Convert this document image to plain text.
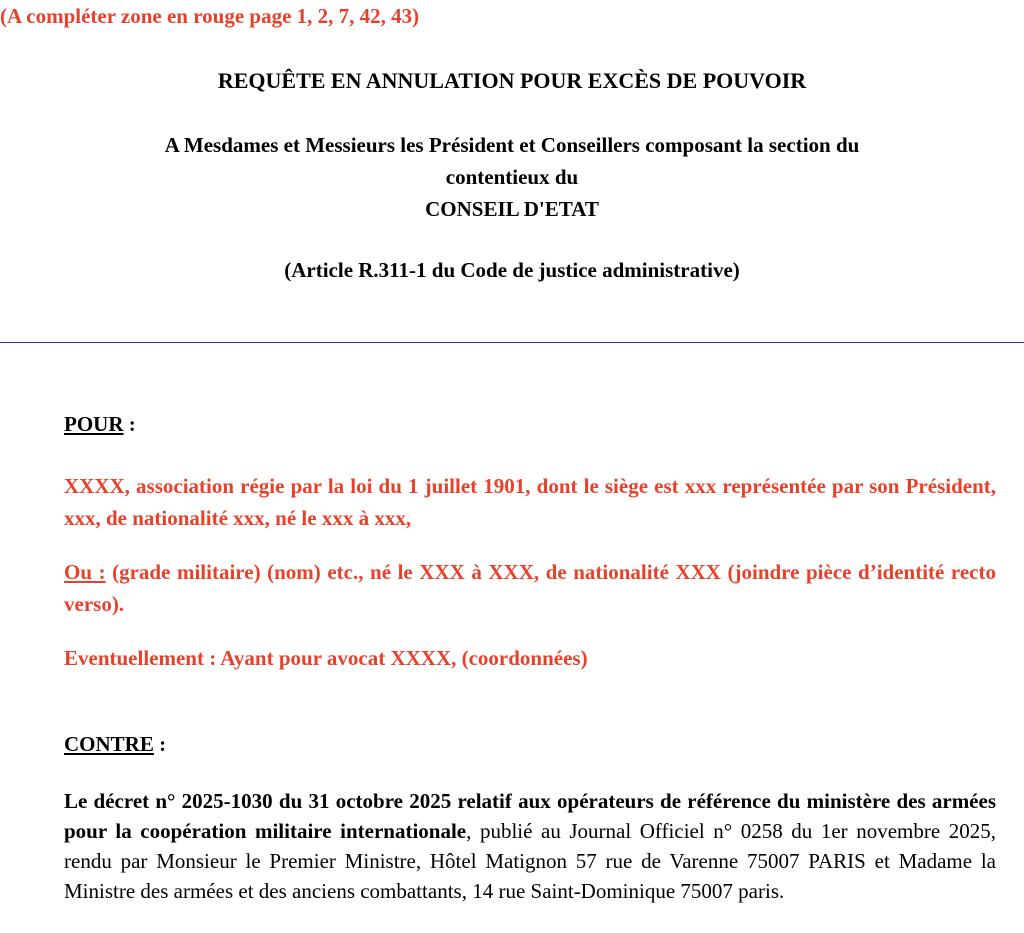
(A compléter zone en rouge page 1, 2, 7, 42, 43)
REQUÊTE EN ANNULATION POUR EXCÈS DE POUVOIR
A Mesdames et Messieurs les Président et Conseillers composant la section du
contentieux du
CONSEIL D'ETAT
(Article R.311-1 du Code de justice administrative)
POUR :
XXXX, association régie par la loi du 1 juillet 1901, dont le siège est xxx représentée par son Président, xxx, de nationalité xxx, né le xxx à xxx,
Ou : (grade militaire) (nom) etc., né le XXX à XXX, de nationalité XXX (joindre pièce d’identité recto verso).
Eventuellement : Ayant pour avocat XXXX, (coordonnées)
CONTRE :
Le décret n° 2025-1030 du 31 octobre 2025 relatif aux opérateurs de référence du ministère des armées pour la coopération militaire internationale, publié au Journal Officiel n° 0258 du 1er novembre 2025, rendu par Monsieur le Premier Ministre, Hôtel Matignon 57 rue de Varenne 75007 PARIS et Madame la Ministre des armées et des anciens combattants, 14 rue Saint-Dominique 75007 paris.
